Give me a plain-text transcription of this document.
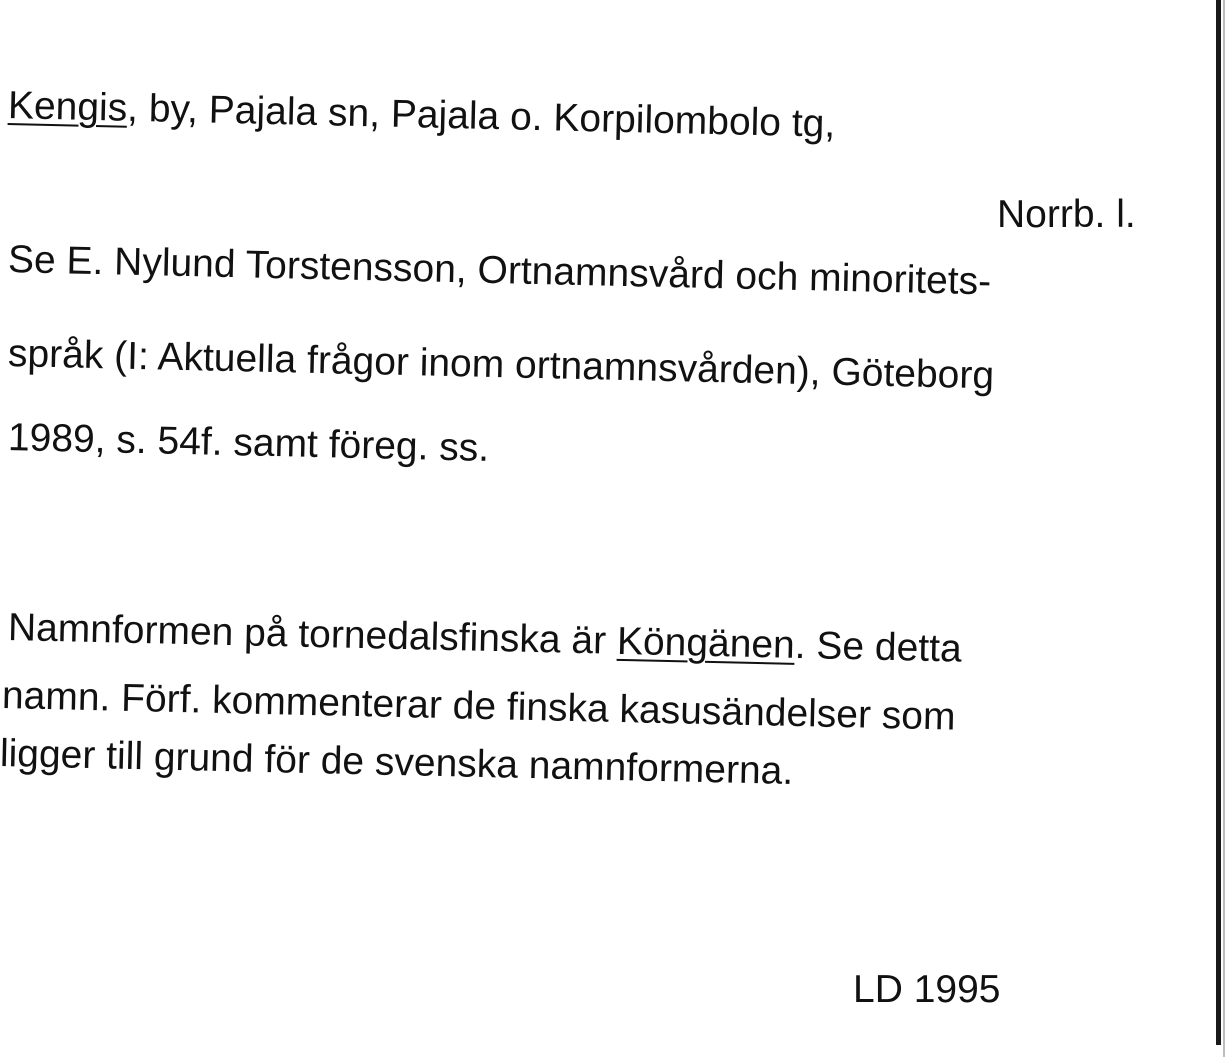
Kengis, by, Pajala sn, Pajala o. Korpilombolo tg,

Norrb. l.

Se E. Nylund Torstensson, Ortnamnsvård och minoritets-

språk (I: Aktuella frågor inom ortnamnsvården), Göteborg

1989, s. 54f. samt föreg. ss.

Namnformen på tornedalsfinska är Köngänen. Se detta

namn. Förf. kommenterar de finska kasusändelser som

ligger till grund för de svenska namnformerna.

LD 1995
